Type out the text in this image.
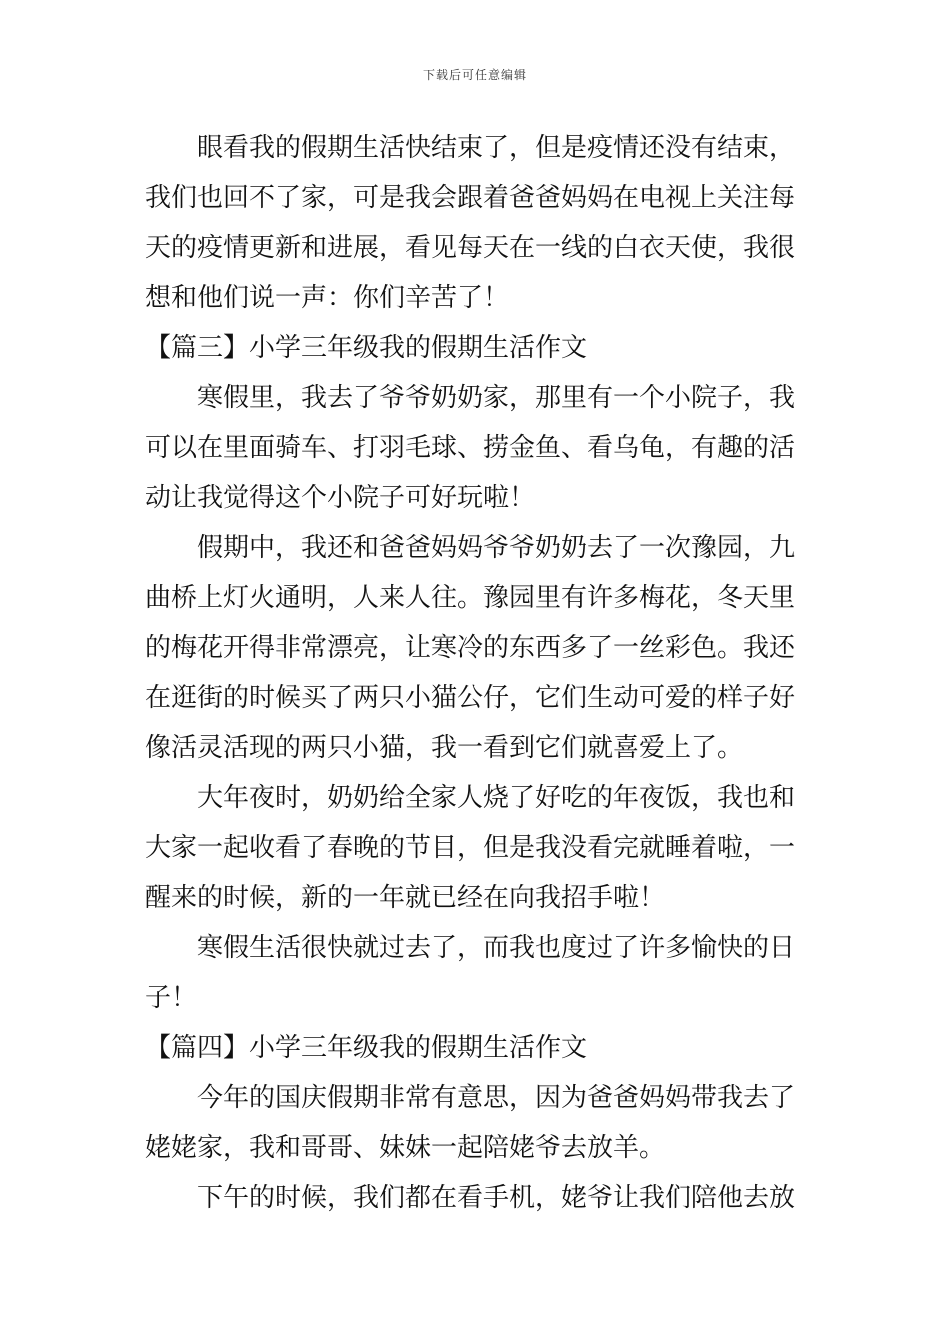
下载后可任意编辑
眼看我的假期生活快结束了，但是疫情还没有结束，
我们也回不了家，可是我会跟着爸爸妈妈在电视上关注每
天的疫情更新和进展，看见每天在一线的白衣天使，我很
想和他们说一声：你们辛苦了！
【篇三】小学三年级我的假期生活作文
寒假里，我去了爷爷奶奶家，那里有一个小院子，我
可以在里面骑车、打羽毛球、捞金鱼、看乌龟，有趣的活
动让我觉得这个小院子可好玩啦！
假期中，我还和爸爸妈妈爷爷奶奶去了一次豫园，九
曲桥上灯火通明，人来人往。豫园里有许多梅花，冬天里
的梅花开得非常漂亮，让寒冷的东西多了一丝彩色。我还
在逛街的时候买了两只小猫公仔，它们生动可爱的样子好
像活灵活现的两只小猫，我一看到它们就喜爱上了。
大年夜时，奶奶给全家人烧了好吃的年夜饭，我也和
大家一起收看了春晚的节目，但是我没看完就睡着啦，一
醒来的时候，新的一年就已经在向我招手啦！
寒假生活很快就过去了，而我也度过了许多愉快的日
子！
【篇四】小学三年级我的假期生活作文
今年的国庆假期非常有意思，因为爸爸妈妈带我去了
姥姥家，我和哥哥、妹妹一起陪姥爷去放羊。
下午的时候，我们都在看手机，姥爷让我们陪他去放
